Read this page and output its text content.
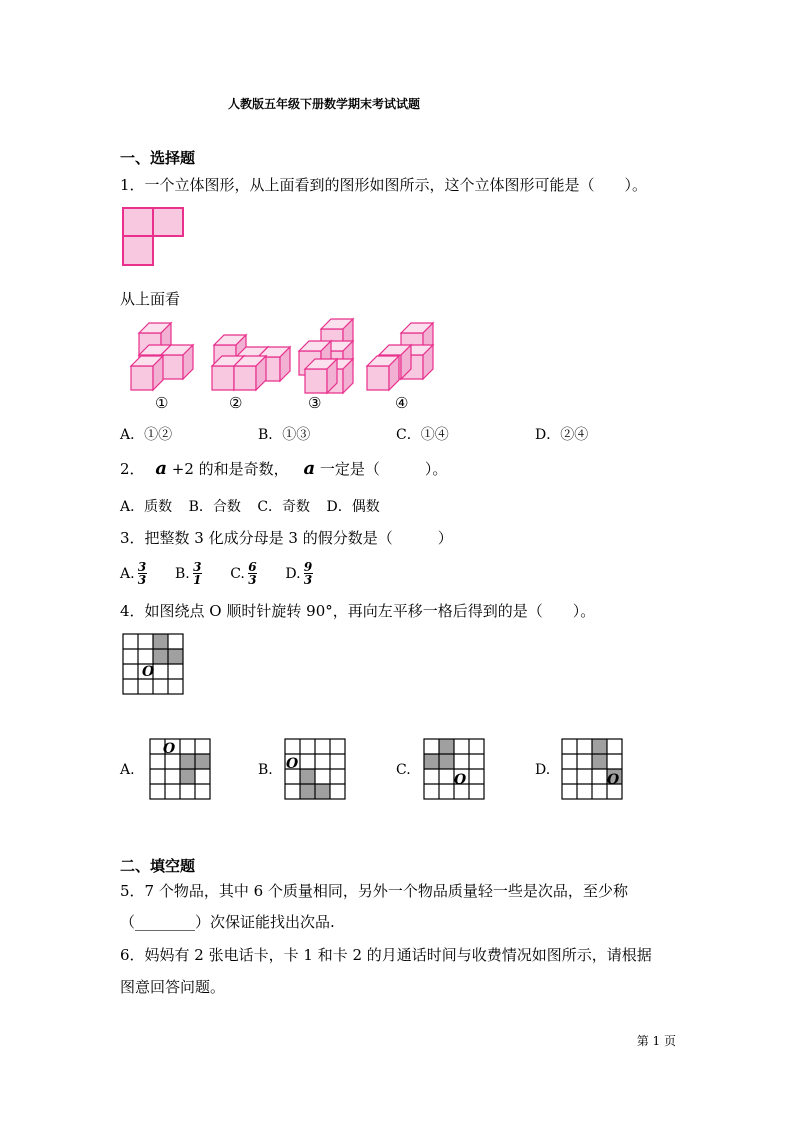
人教版五年级下册数学期末考试试题
一、选择题
1．一个立体图形，从上面看到的图形如图所示，这个立体图形可能是（　　）。
从上面看
①	②	③	④
A．①②	B．①③	C．①④	D．②④
2． a +2 的和是奇数， a 一定是（　　　）。
A．质数 B．合数 C．奇数 D．偶数
3．把整数 3 化成分母是 3 的假分数是（　　　）
A. $\frac{3}{3} B$. $\frac{3}{1} C$. $\frac{6}{3} D$. $\frac{9}{3}$
4．如图绕点 O 顺时针旋转 90°，再向左平移一格后得到的是（　　）。
O
A.
O
B. O	C.
O
D.
O
二、填空题
5．7 个物品，其中 6 个质量相同，另外一个物品质量轻一些是次品，至少称
（________）次保证能找出次品.
6．妈妈有 2 张电话卡，卡 1 和卡 2 的月通话时间与收费情况如图所示，请根据
图意回答问题。
第 1 页
